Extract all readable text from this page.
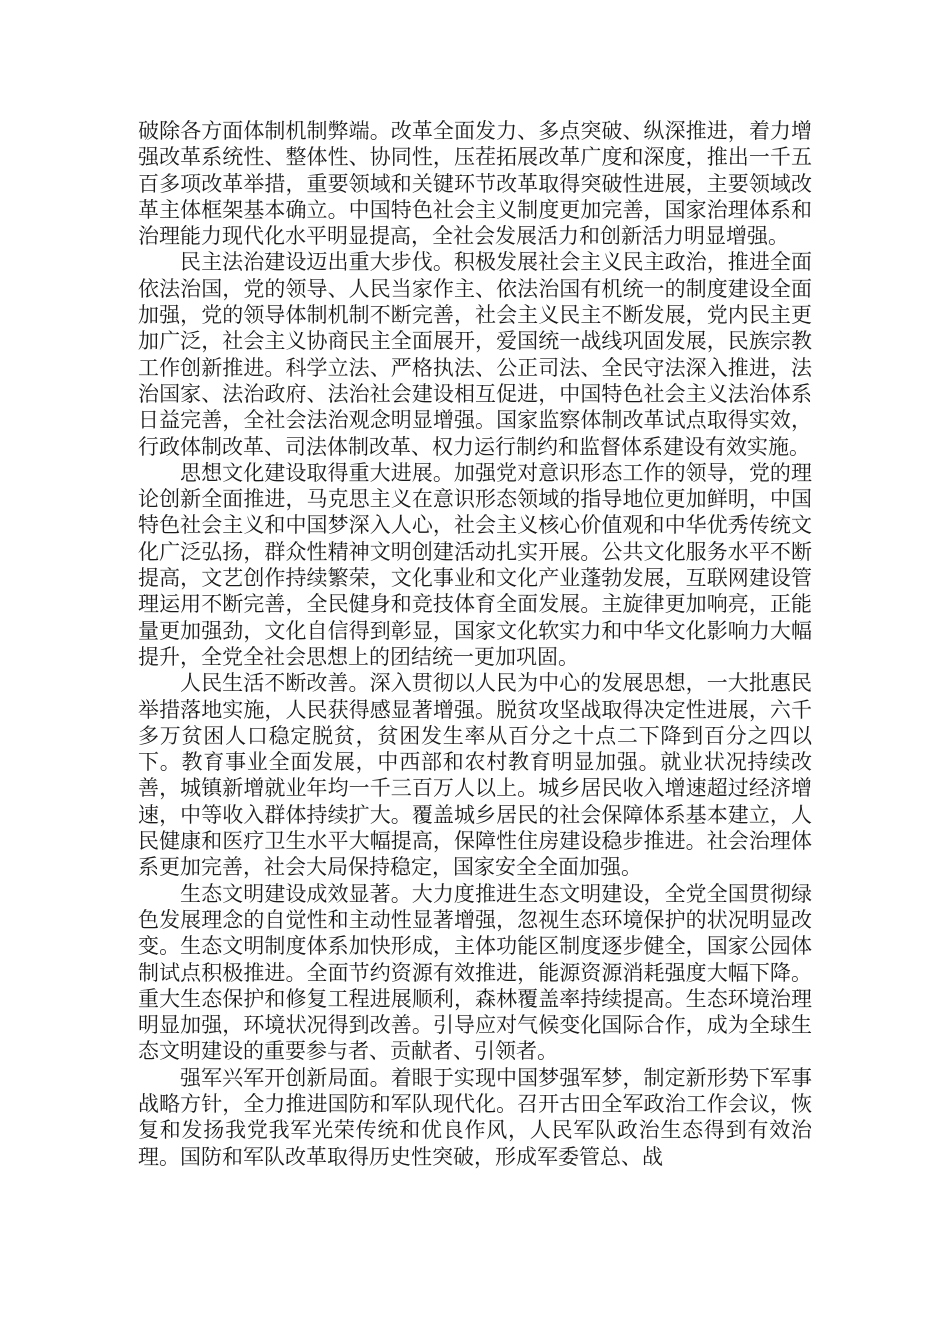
破除各方面体制机制弊端。改革全面发力、多点突破、纵深推进，着力增强改革系统性、整体性、协同性，压茬拓展改革广度和深度，推出一千五百多项改革举措，重要领域和关键环节改革取得突破性进展，主要领域改革主体框架基本确立。中国特色社会主义制度更加完善，国家治理体系和治理能力现代化水平明显提高，全社会发展活力和创新活力明显增强。

民主法治建设迈出重大步伐。积极发展社会主义民主政治，推进全面依法治国，党的领导、人民当家作主、依法治国有机统一的制度建设全面加强，党的领导体制机制不断完善，社会主义民主不断发展，党内民主更加广泛，社会主义协商民主全面展开，爱国统一战线巩固发展，民族宗教工作创新推进。科学立法、严格执法、公正司法、全民守法深入推进，法治国家、法治政府、法治社会建设相互促进，中国特色社会主义法治体系日益完善，全社会法治观念明显增强。国家监察体制改革试点取得实效，行政体制改革、司法体制改革、权力运行制约和监督体系建设有效实施。

思想文化建设取得重大进展。加强党对意识形态工作的领导，党的理论创新全面推进，马克思主义在意识形态领域的指导地位更加鲜明，中国特色社会主义和中国梦深入人心，社会主义核心价值观和中华优秀传统文化广泛弘扬，群众性精神文明创建活动扎实开展。公共文化服务水平不断提高，文艺创作持续繁荣，文化事业和文化产业蓬勃发展，互联网建设管理运用不断完善，全民健身和竞技体育全面发展。主旋律更加响亮，正能量更加强劲，文化自信得到彰显，国家文化软实力和中华文化影响力大幅提升，全党全社会思想上的团结统一更加巩固。

人民生活不断改善。深入贯彻以人民为中心的发展思想，一大批惠民举措落地实施，人民获得感显著增强。脱贫攻坚战取得决定性进展，六千多万贫困人口稳定脱贫，贫困发生率从百分之十点二下降到百分之四以下。教育事业全面发展，中西部和农村教育明显加强。就业状况持续改善，城镇新增就业年均一千三百万人以上。城乡居民收入增速超过经济增速，中等收入群体持续扩大。覆盖城乡居民的社会保障体系基本建立，人民健康和医疗卫生水平大幅提高，保障性住房建设稳步推进。社会治理体系更加完善，社会大局保持稳定，国家安全全面加强。

生态文明建设成效显著。大力度推进生态文明建设，全党全国贯彻绿色发展理念的自觉性和主动性显著增强，忽视生态环境保护的状况明显改变。生态文明制度体系加快形成，主体功能区制度逐步健全，国家公园体制试点积极推进。全面节约资源有效推进，能源资源消耗强度大幅下降。重大生态保护和修复工程进展顺利，森林覆盖率持续提高。生态环境治理明显加强，环境状况得到改善。引导应对气候变化国际合作，成为全球生态文明建设的重要参与者、贡献者、引领者。

强军兴军开创新局面。着眼于实现中国梦强军梦，制定新形势下军事战略方针，全力推进国防和军队现代化。召开古田全军政治工作会议，恢复和发扬我党我军光荣传统和优良作风，人民军队政治生态得到有效治理。国防和军队改革取得历史性突破，形成军委管总、战
